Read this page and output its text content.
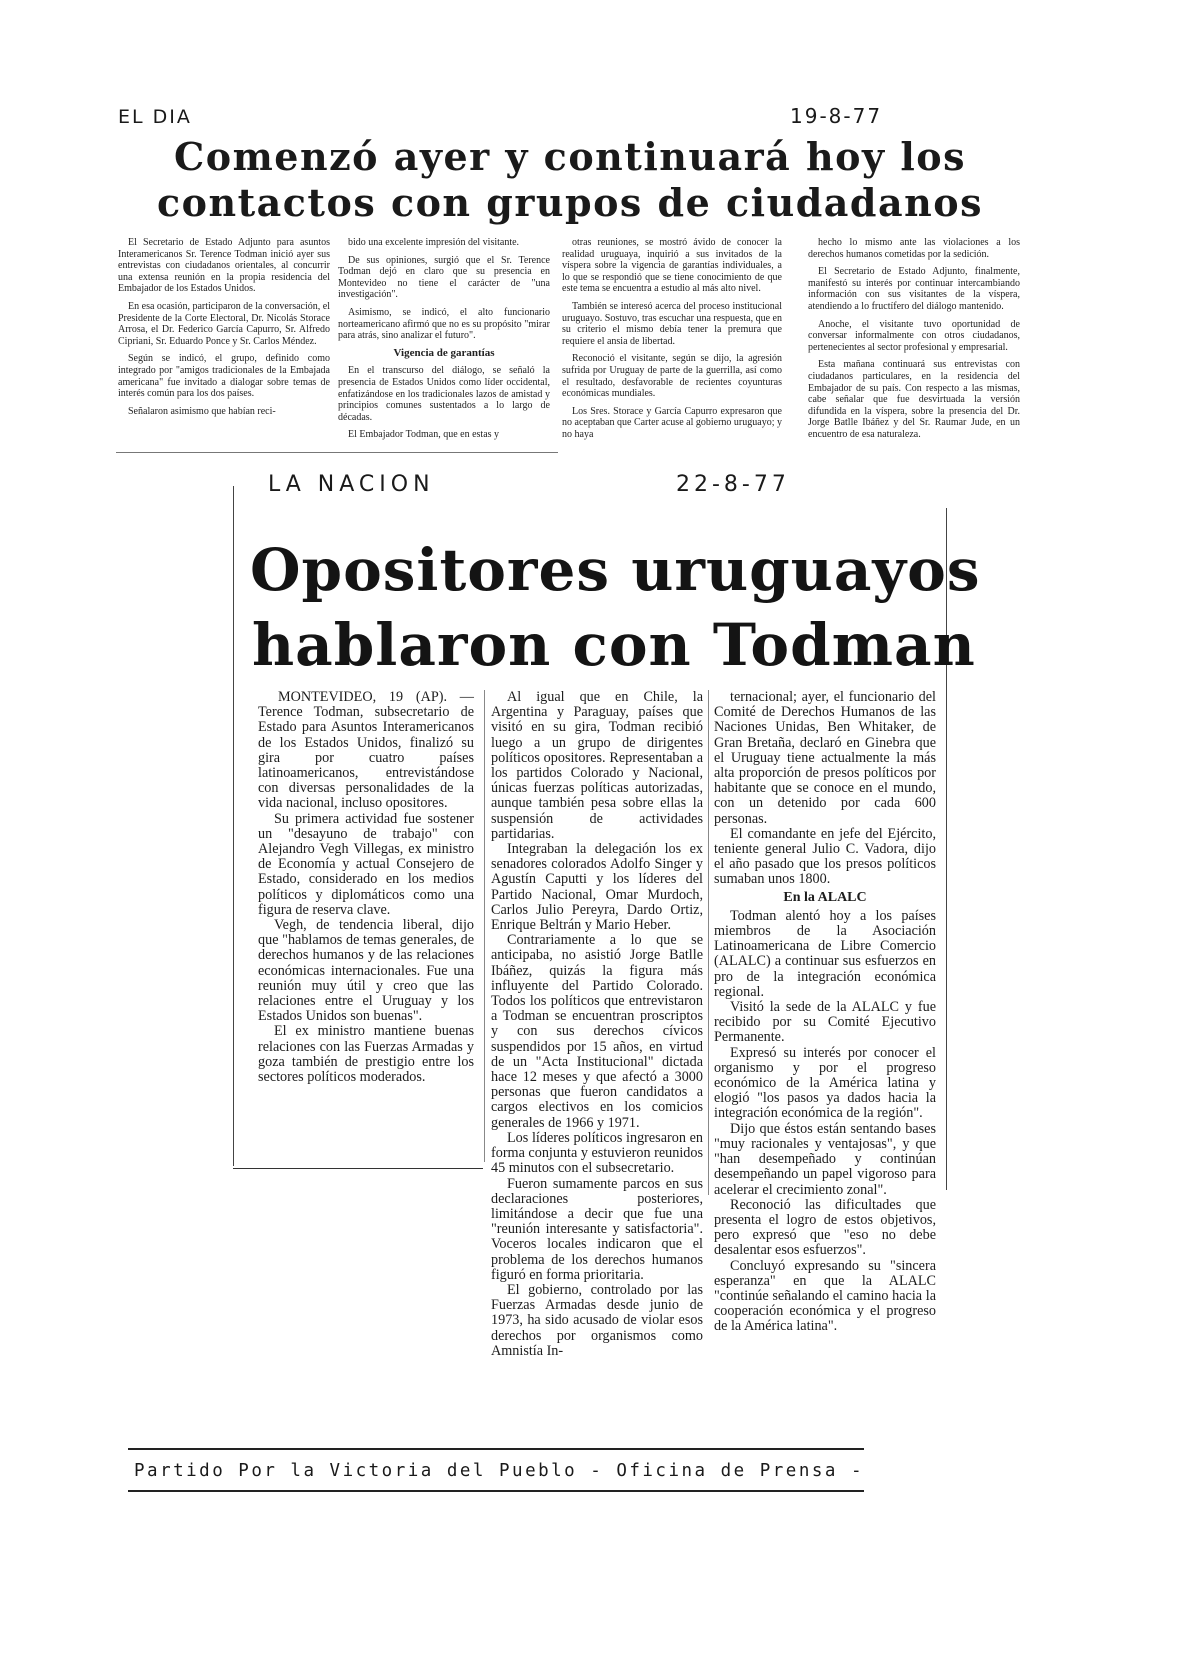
EL DIA	19-8-77
Comenzó ayer y continuará hoy los
contactos con grupos de ciudadanos

El Secretario de Estado Adjunto para asuntos Interamericanos Sr. Terence Todman inició ayer sus entrevistas con ciudadanos orientales, al concurrir una extensa reunión en la propia residencia del Embajador de los Estados Unidos.

En esa ocasión, participaron de la conversación, el Presidente de la Corte Electoral, Dr. Nicolás Storace Arrosa, el Dr. Federico García Capurro, Sr. Alfredo Cipriani, Sr. Eduardo Ponce y Sr. Carlos Méndez.

Según se indicó, el grupo, definido como integrado por "amigos tradicionales de la Embajada americana" fue invitado a dialogar sobre temas de interés común para los dos países.

Señalaron asimismo que habían reci-

bido una excelente impresión del visitante.

De sus opiniones, surgió que el Sr. Terence Todman dejó en claro que su presencia en Montevideo no tiene el carácter de "una investigación".

Asimismo, se indicó, el alto funcionario norteamericano afirmó que no es su propósito "mirar para atrás, sino analizar el futuro".

Vigencia de garantías

En el transcurso del diálogo, se señaló la presencia de Estados Unidos como líder occidental, enfatizándose en los tradicionales lazos de amistad y principios comunes sustentados a lo largo de décadas.

El Embajador Todman, que en estas y

otras reuniones, se mostró ávido de conocer la realidad uruguaya, inquirió a sus invitados de la víspera sobre la vigencia de garantías individuales, a lo que se respondió que se tiene conocimiento de que este tema se encuentra a estudio al más alto nivel.

También se interesó acerca del proceso institucional uruguayo. Sostuvo, tras escuchar una respuesta, que en su criterio el mismo debía tener la premura que requiere el ansia de libertad.

Reconoció el visitante, según se dijo, la agresión sufrida por Uruguay de parte de la guerrilla, así como el resultado, desfavorable de recientes coyunturas económicas mundiales.

Los Sres. Storace y García Capurro expresaron que no aceptaban que Carter acuse al gobierno uruguayo; y no haya

hecho lo mismo ante las violaciones a los derechos humanos cometidas por la sedición.

El Secretario de Estado Adjunto, finalmente, manifestó su interés por continuar intercambiando información con sus visitantes de la víspera, atendiendo a lo fructífero del diálogo mantenido.

Anoche, el visitante tuvo oportunidad de conversar informalmente con otros ciudadanos, pertenecientes al sector profesional y empresarial.

Esta mañana continuará sus entrevistas con ciudadanos particulares, en la residencia del Embajador de su país. Con respecto a las mismas, cabe señalar que fue desvirtuada la versión difundida en la víspera, sobre la presencia del Dr. Jorge Batlle Ibáñez y del Sr. Raumar Jude, en un encuentro de esa naturaleza.

LA NACION	22-8-77
Opositores uruguayos
hablaron con Todman

MONTEVIDEO, 19 (AP). — Terence Todman, subsecretario de Estado para Asuntos Interamericanos de los Estados Unidos, finalizó su gira por cuatro países latinoamericanos, entrevistándose con diversas personalidades de la vida nacional, incluso opositores.

Su primera actividad fue sostener un "desayuno de trabajo" con Alejandro Vegh Villegas, ex ministro de Economía y actual Consejero de Estado, considerado en los medios políticos y diplomáticos como una figura de reserva clave.

Vegh, de tendencia liberal, dijo que "hablamos de temas generales, de derechos humanos y de las relaciones económicas internacionales. Fue una reunión muy útil y creo que las relaciones entre el Uruguay y los Estados Unidos son buenas".

El ex ministro mantiene buenas relaciones con las Fuerzas Armadas y goza también de prestigio entre los sectores políticos moderados.

Al igual que en Chile, la Argentina y Paraguay, países que visitó en su gira, Todman recibió luego a un grupo de dirigentes políticos opositores. Representaban a los partidos Colorado y Nacional, únicas fuerzas políticas autorizadas, aunque también pesa sobre ellas la suspensión de actividades partidarias.

Integraban la delegación los ex senadores colorados Adolfo Singer y Agustín Caputti y los líderes del Partido Nacional, Omar Murdoch, Carlos Julio Pereyra, Dardo Ortiz, Enrique Beltrán y Mario Heber.

Contrariamente a lo que se anticipaba, no asistió Jorge Batlle Ibáñez, quizás la figura más influyente del Partido Colorado. Todos los políticos que entrevistaron a Todman se encuentran proscriptos y con sus derechos cívicos suspendidos por 15 años, en virtud de un "Acta Institucional" dictada hace 12 meses y que afectó a 3000 personas que fueron candidatos a cargos electivos en los comicios generales de 1966 y 1971.

Los líderes políticos ingresaron en forma conjunta y estuvieron reunidos 45 minutos con el subsecretario.

Fueron sumamente parcos en sus declaraciones posteriores, limitándose a decir que fue una "reunión interesante y satisfactoria". Voceros locales indicaron que el problema de los derechos humanos figuró en forma prioritaria.

El gobierno, controlado por las Fuerzas Armadas desde junio de 1973, ha sido acusado de violar esos derechos por organismos como Amnistía In-

ternacional; ayer, el funcionario del Comité de Derechos Humanos de las Naciones Unidas, Ben Whitaker, de Gran Bretaña, declaró en Ginebra que el Uruguay tiene actualmente la más alta proporción de presos políticos por habitante que se conoce en el mundo, con un detenido por cada 600 personas.

El comandante en jefe del Ejército, teniente general Julio C. Vadora, dijo el año pasado que los presos políticos sumaban unos 1800.

En la ALALC

Todman alentó hoy a los países miembros de la Asociación Latinoamericana de Libre Comercio (ALALC) a continuar sus esfuerzos en pro de la integración económica regional.

Visitó la sede de la ALALC y fue recibido por su Comité Ejecutivo Permanente.

Expresó su interés por conocer el organismo y por el progreso económico de la América latina y elogió "los pasos ya dados hacia la integración económica de la región".

Dijo que éstos están sentando bases "muy racionales y ventajosas", y que "han desempeñado y continúan desempeñando un papel vigoroso para acelerar el crecimiento zonal".

Reconoció las dificultades que presenta el logro de estos objetivos, pero expresó que "eso no debe desalentar esos esfuerzos".

Concluyó expresando su "sincera esperanza" en que la ALALC "continúe señalando el camino hacia la cooperación económica y el progreso de la América latina".

Partido Por la Victoria del Pueblo - Oficina de Prensa -
